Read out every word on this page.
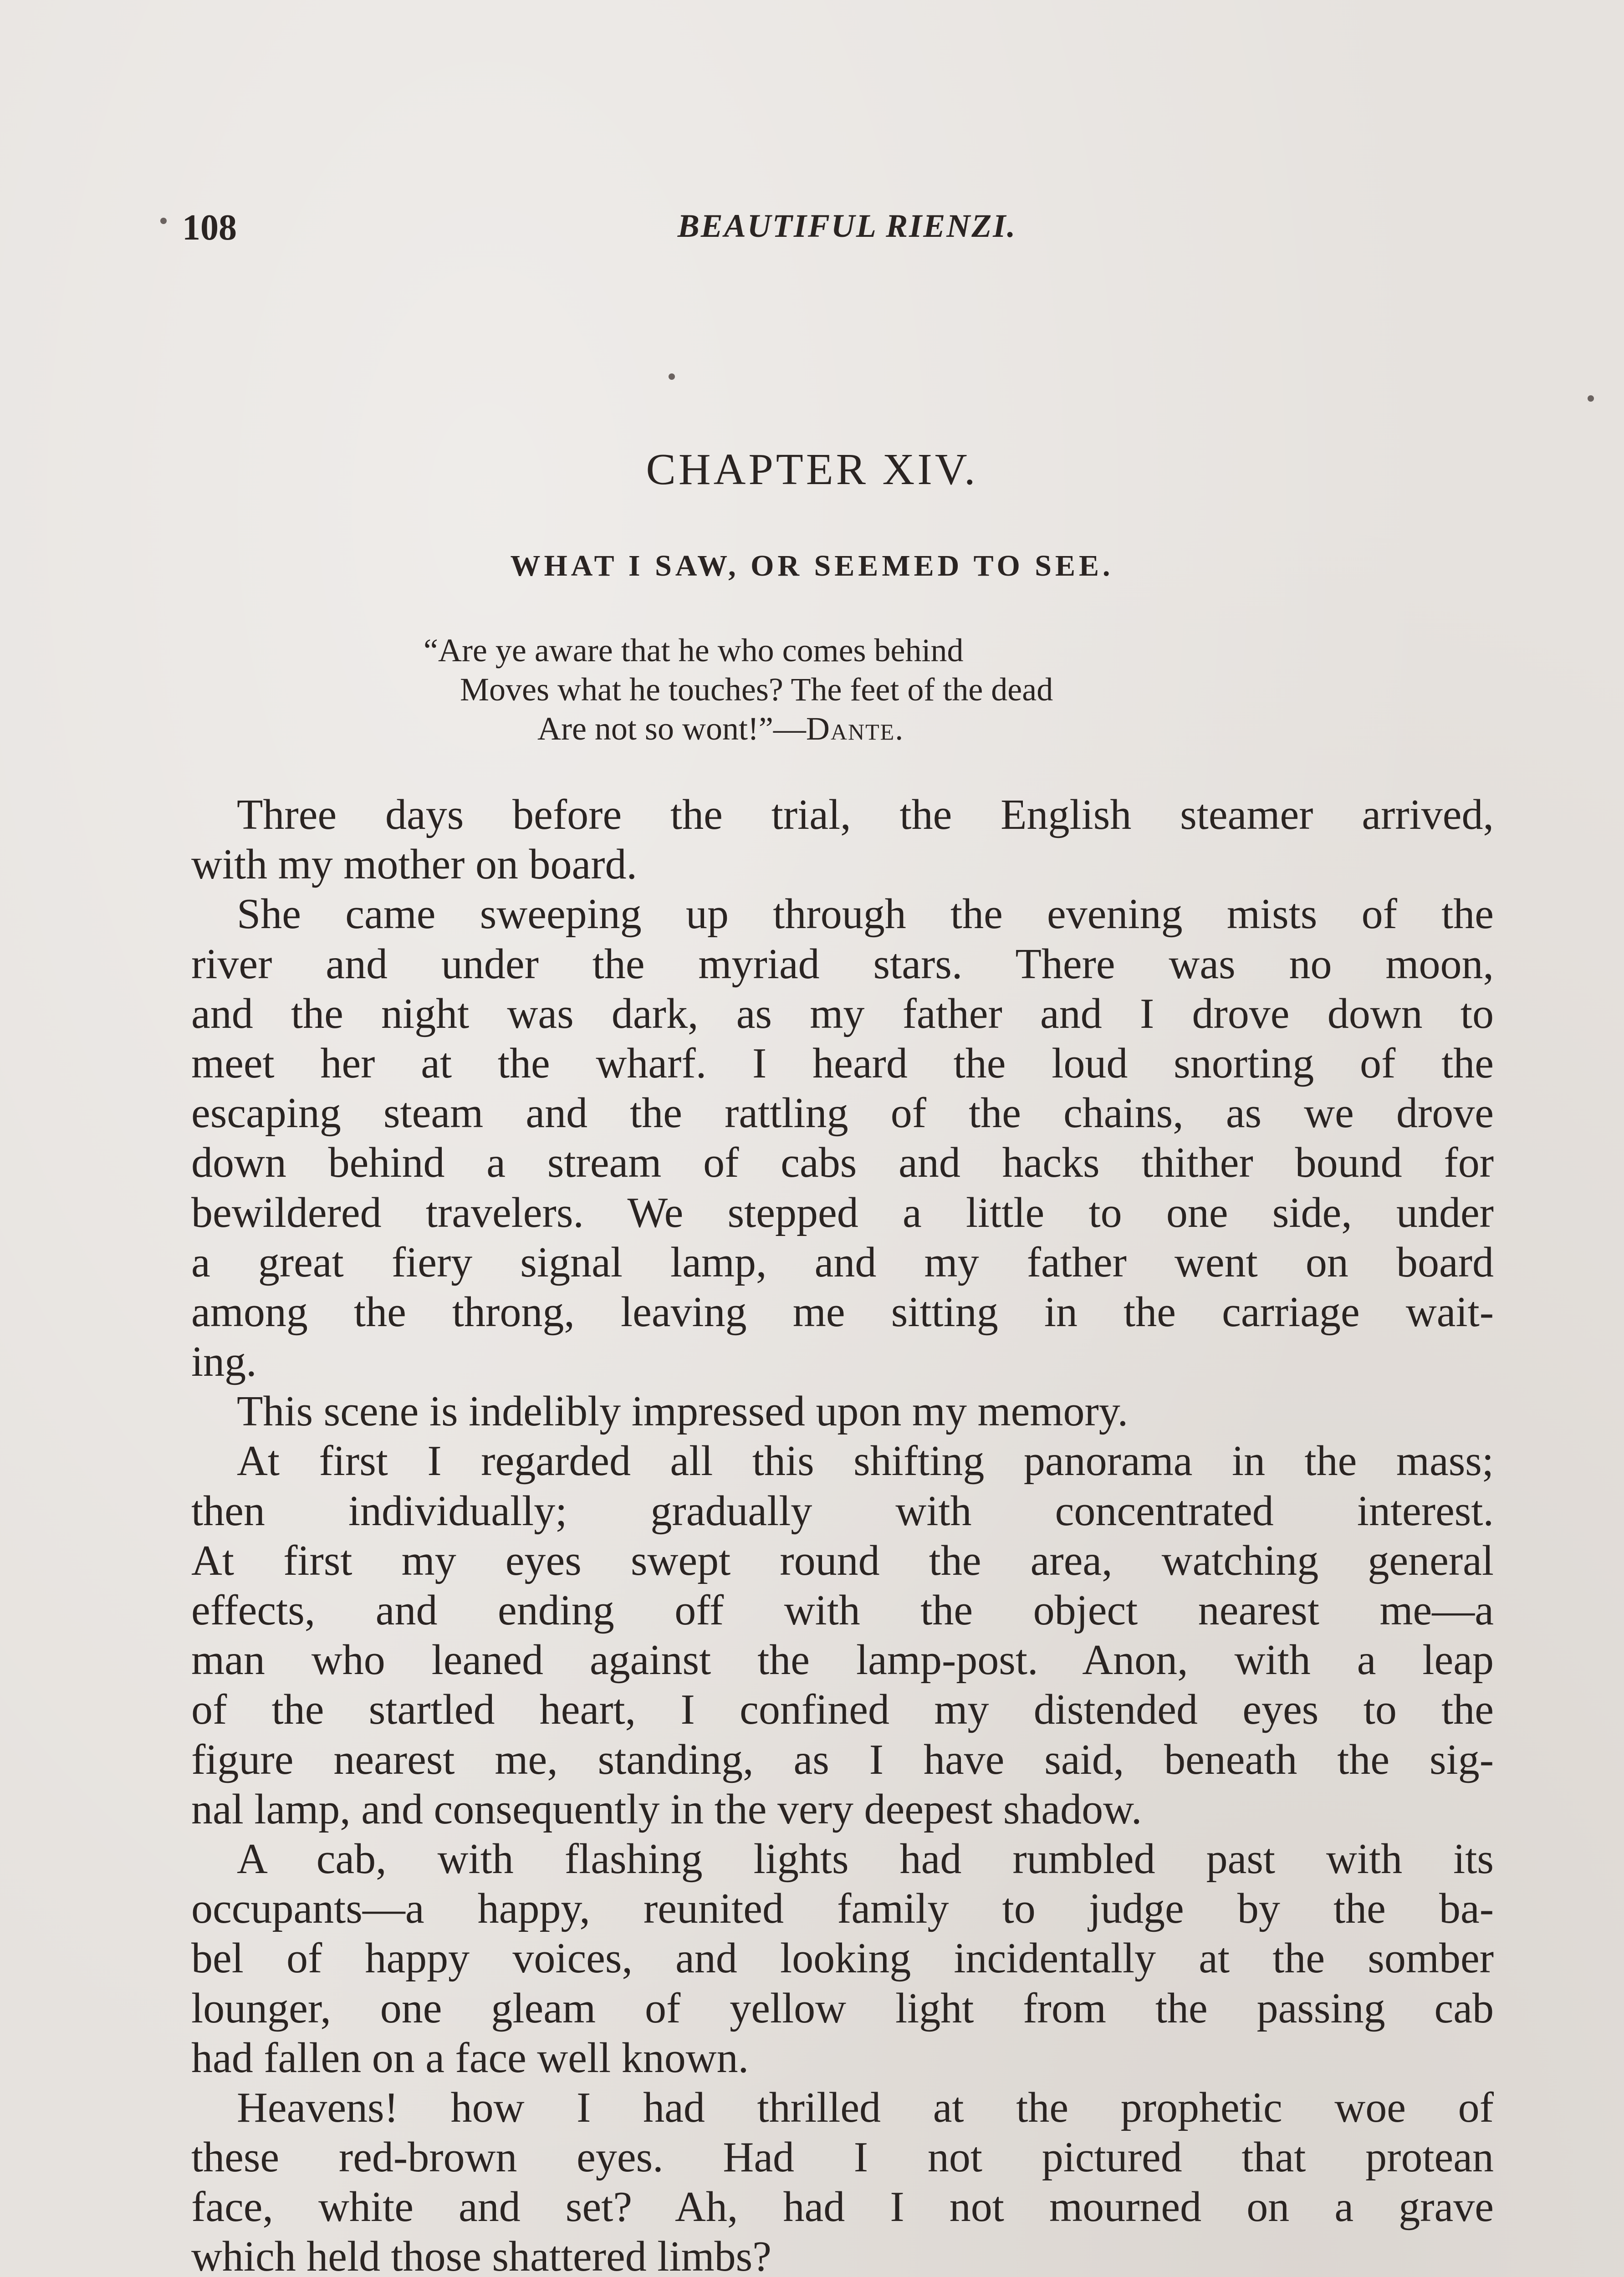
108	BEAUTIFUL RIENZI.
CHAPTER XIV.
WHAT I SAW, OR SEEMED TO SEE.
“Are ye aware that he who comes behind
Moves what he touches? The feet of the dead
Are not so wont!”—Dante.
Three days before the trial, the English steamer arrived,
with my mother on board.
She came sweeping up through the evening mists of the
river and under the myriad stars. There was no moon,
and the night was dark, as my father and I drove down to
meet her at the wharf. I heard the loud snorting of the
escaping steam and the rattling of the chains, as we drove
down behind a stream of cabs and hacks thither bound for
bewildered travelers. We stepped a little to one side, under
a great fiery signal lamp, and my father went on board
among the throng, leaving me sitting in the carriage wait-
ing.
This scene is indelibly impressed upon my memory.
At first I regarded all this shifting panorama in the mass;
then individually; gradually with concentrated interest.
At first my eyes swept round the area, watching general
effects, and ending off with the object nearest me—a
man who leaned against the lamp-post. Anon, with a leap
of the startled heart, I confined my distended eyes to the
figure nearest me, standing, as I have said, beneath the sig-
nal lamp, and consequently in the very deepest shadow.
A cab, with flashing lights had rumbled past with its
occupants—a happy, reunited family to judge by the ba-
bel of happy voices, and looking incidentally at the somber
lounger, one gleam of yellow light from the passing cab
had fallen on a face well known.
Heavens! how I had thrilled at the prophetic woe of
these red-brown eyes. Had I not pictured that protean
face, white and set? Ah, had I not mourned on a grave
which held those shattered limbs?
